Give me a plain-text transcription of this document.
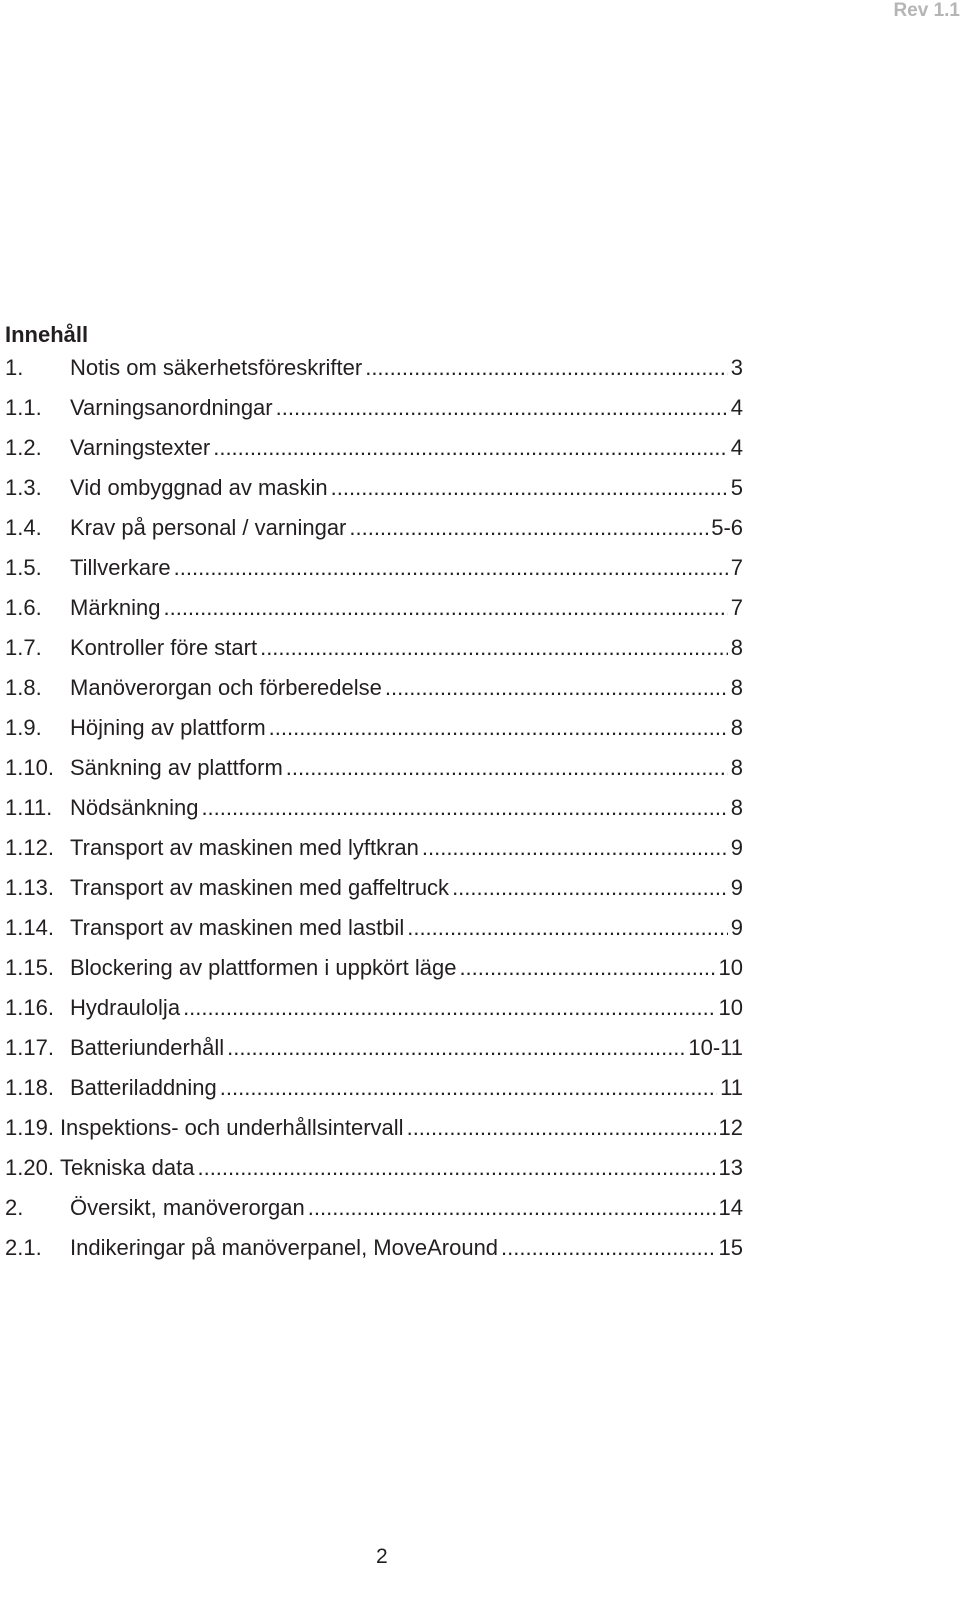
Rev 1.1
Innehåll
1.	Notis om säkerhetsföreskrifter .....	3
1.1.	Varningsanordningar .....	4
1.2.	Varningstexter .....	4
1.3.	Vid ombyggnad av maskin .....	5
1.4.	Krav på personal / varningar .....	5-6
1.5.	Tillverkare .....	7
1.6.	Märkning .....	7
1.7.	Kontroller före start .....	8
1.8.	Manöverorgan och förberedelse .....	8
1.9.	Höjning av plattform .....	8
1.10. Sänkning av plattform .....	8
1.11. Nödsänkning .....	8
1.12. Transport av maskinen med lyftkran .....	9
1.13. Transport av maskinen med gaffeltruck .....	9
1.14. Transport av maskinen med lastbil .....	9
1.15. Blockering av plattformen i uppkört läge .....	10
1.16. Hydraulolja .....	10
1.17. Batteriunderhåll .....	10-11
1.18. Batteriladdning .....	11
1.19. Inspektions- och underhållsintervall .....	12
1.20. Tekniska data .....	13
2.	Översikt, manöverorgan .....	14
2.1.	Indikeringar på manöverpanel, MoveAround .....	15
2
